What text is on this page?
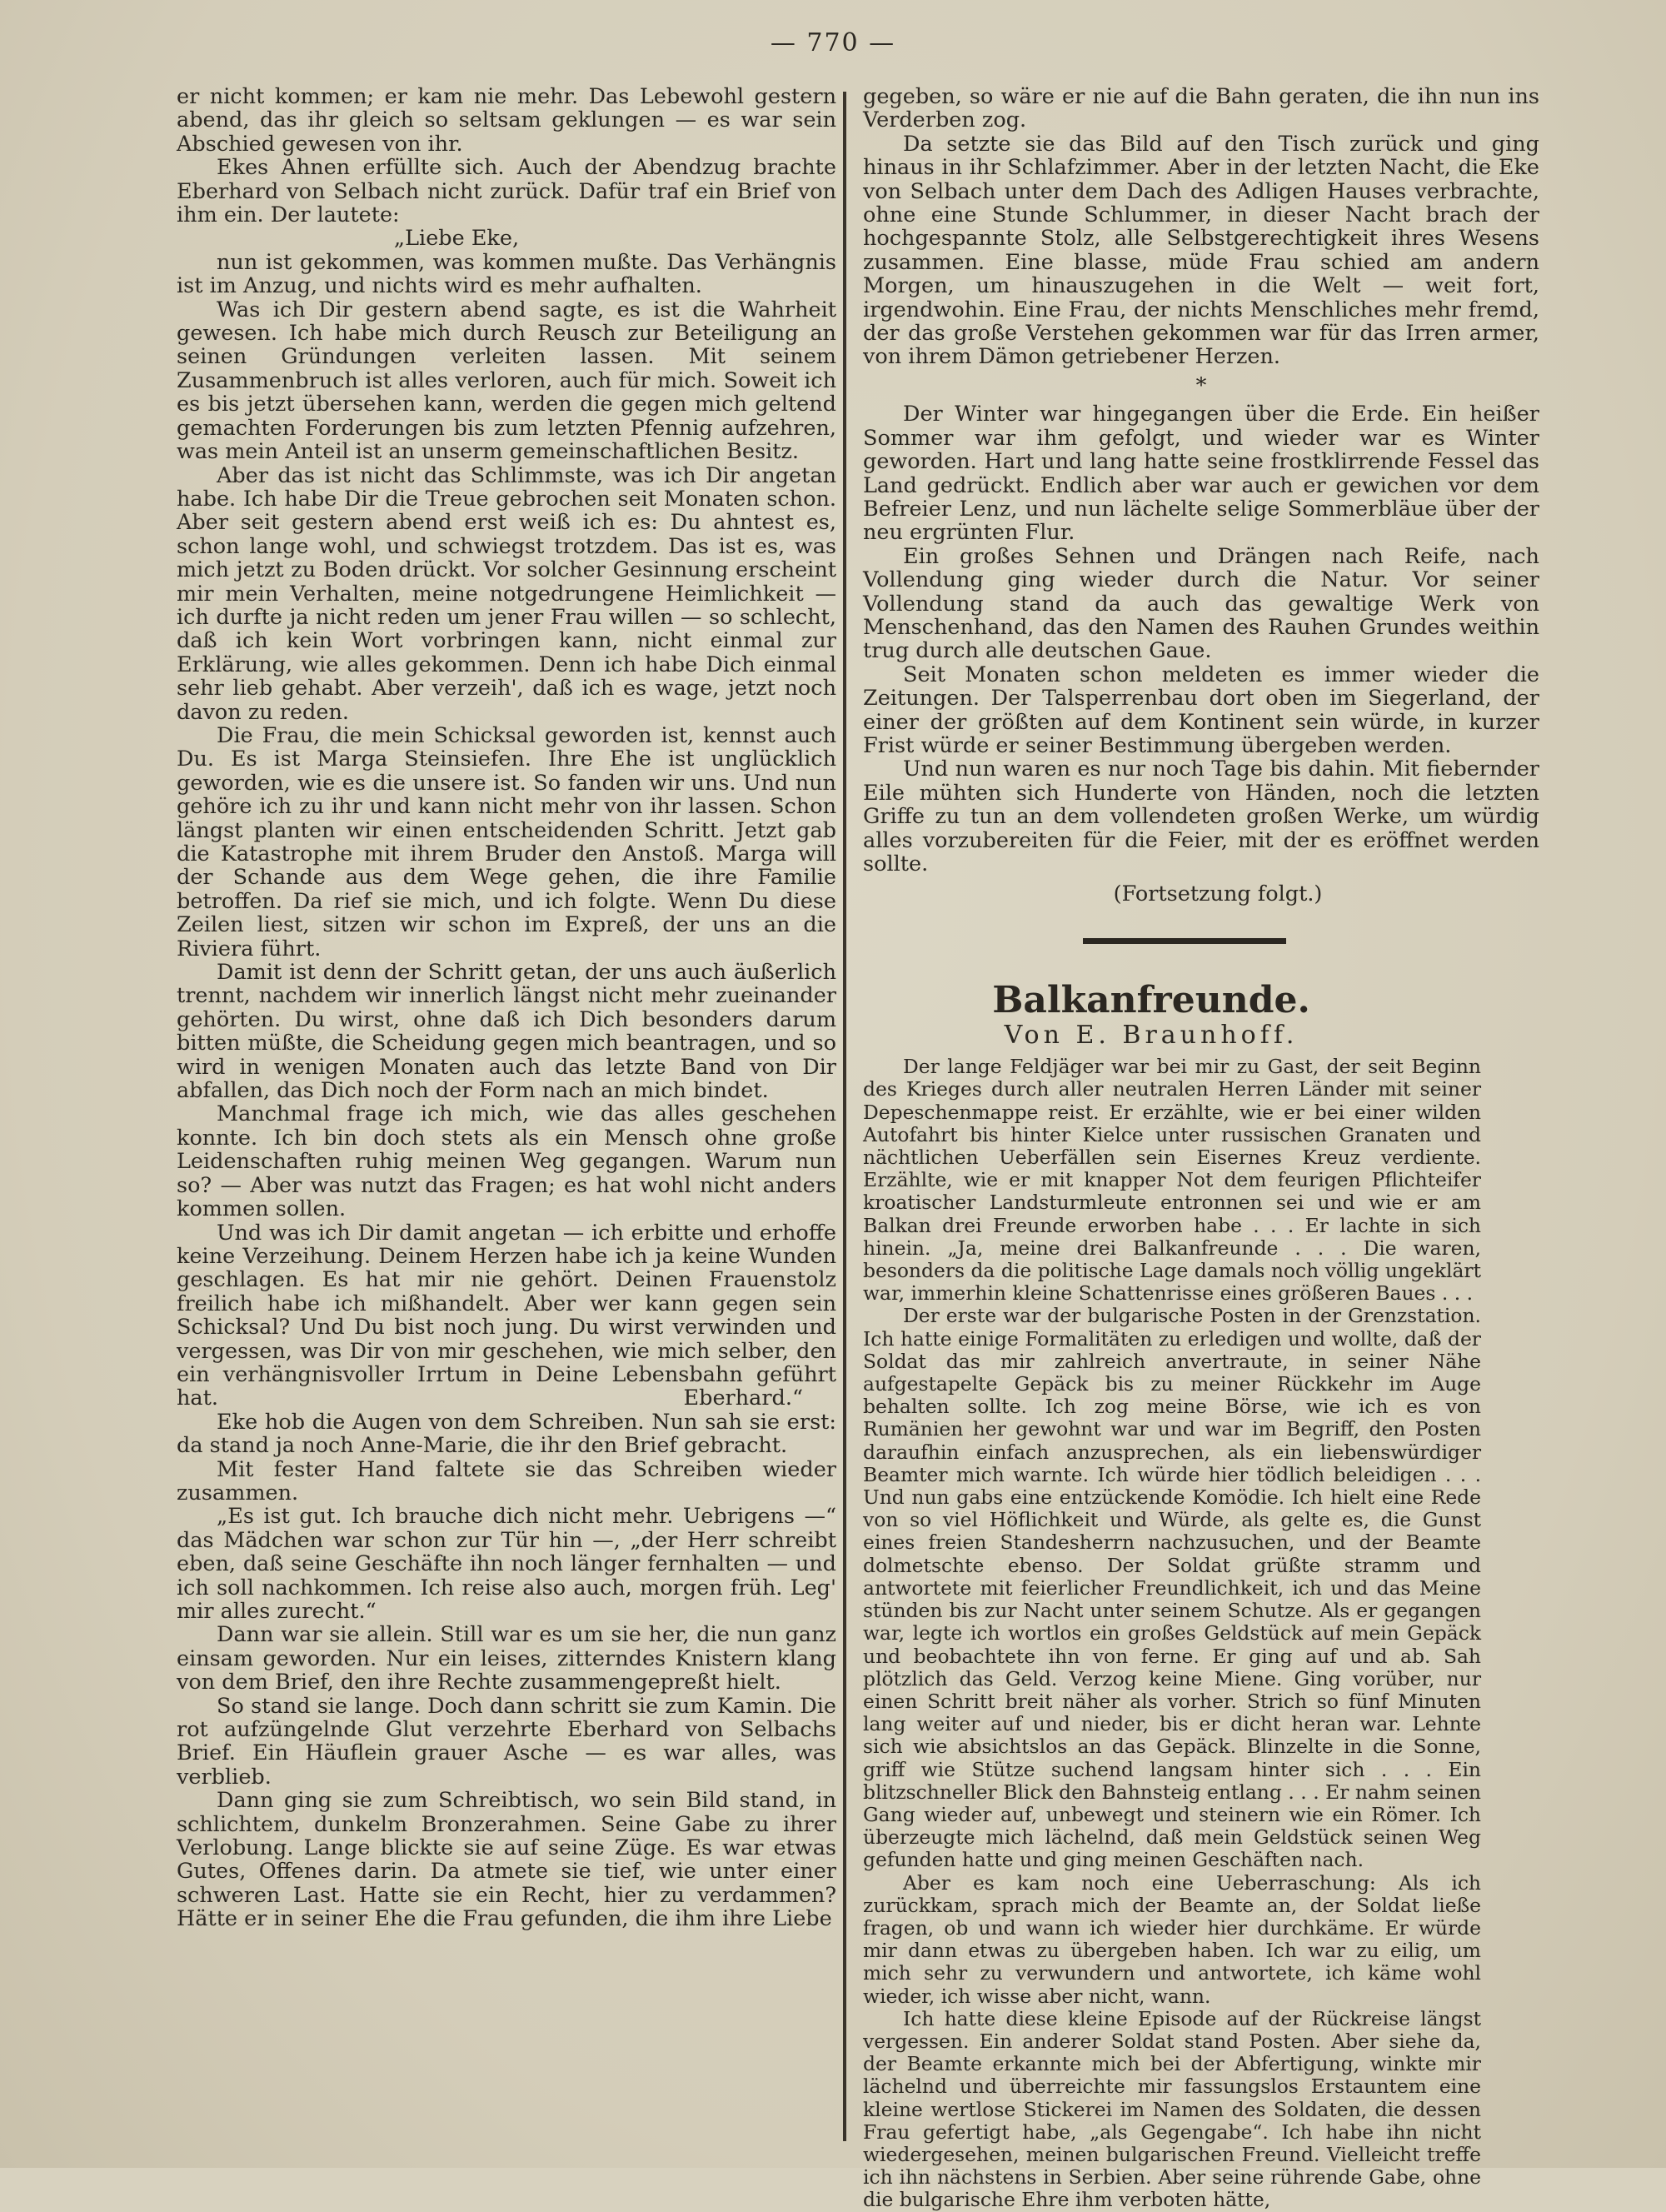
— 770 —

er nicht kommen; er kam nie mehr. Das Lebewohl gestern abend, das ihr gleich so seltsam geklungen — es war sein Abschied gewesen von ihr.

Ekes Ahnen erfüllte sich. Auch der Abendzug brachte Eberhard von Selbach nicht zurück. Dafür traf ein Brief von ihm ein. Der lautete:

„Liebe Eke,

nun ist gekommen, was kommen mußte. Das Verhängnis ist im Anzug, und nichts wird es mehr aufhalten.

Was ich Dir gestern abend sagte, es ist die Wahrheit gewesen. Ich habe mich durch Reusch zur Beteiligung an seinen Gründungen verleiten lassen. Mit seinem Zusammenbruch ist alles verloren, auch für mich. Soweit ich es bis jetzt übersehen kann, werden die gegen mich geltend gemachten Forderungen bis zum letzten Pfennig aufzehren, was mein Anteil ist an unserm gemeinschaftlichen Besitz.

Aber das ist nicht das Schlimmste, was ich Dir angetan habe. Ich habe Dir die Treue gebrochen seit Monaten schon. Aber seit gestern abend erst weiß ich es: Du ahntest es, schon lange wohl, und schwiegst trotzdem. Das ist es, was mich jetzt zu Boden drückt. Vor solcher Gesinnung erscheint mir mein Verhalten, meine notgedrungene Heimlichkeit — ich durfte ja nicht reden um jener Frau willen — so schlecht, daß ich kein Wort vorbringen kann, nicht einmal zur Erklärung, wie alles gekommen. Denn ich habe Dich einmal sehr lieb gehabt. Aber verzeih', daß ich es wage, jetzt noch davon zu reden.

Die Frau, die mein Schicksal geworden ist, kennst auch Du. Es ist Marga Steinsiefen. Ihre Ehe ist unglücklich geworden, wie es die unsere ist. So fanden wir uns. Und nun gehöre ich zu ihr und kann nicht mehr von ihr lassen. Schon längst planten wir einen entscheidenden Schritt. Jetzt gab die Katastrophe mit ihrem Bruder den Anstoß. Marga will der Schande aus dem Wege gehen, die ihre Familie betroffen. Da rief sie mich, und ich folgte. Wenn Du diese Zeilen liest, sitzen wir schon im Expreß, der uns an die Riviera führt.

Damit ist denn der Schritt getan, der uns auch äußerlich trennt, nachdem wir innerlich längst nicht mehr zueinander gehörten. Du wirst, ohne daß ich Dich besonders darum bitten müßte, die Scheidung gegen mich beantragen, und so wird in wenigen Monaten auch das letzte Band von Dir abfallen, das Dich noch der Form nach an mich bindet.

Manchmal frage ich mich, wie das alles geschehen konnte. Ich bin doch stets als ein Mensch ohne große Leidenschaften ruhig meinen Weg gegangen. Warum nun so? — Aber was nutzt das Fragen; es hat wohl nicht anders kommen sollen.

Und was ich Dir damit angetan — ich erbitte und erhoffe keine Verzeihung. Deinem Herzen habe ich ja keine Wunden geschlagen. Es hat mir nie gehört. Deinen Frauenstolz freilich habe ich mißhandelt. Aber wer kann gegen sein Schicksal? Und Du bist noch jung. Du wirst verwinden und vergessen, was Dir von mir geschehen, wie mich selber, den ein verhängnisvoller Irrtum in Deine Lebensbahn geführt hat.	Eberhard.“

Eke hob die Augen von dem Schreiben. Nun sah sie erst: da stand ja noch Anne-Marie, die ihr den Brief gebracht.

Mit fester Hand faltete sie das Schreiben wieder zusammen.

„Es ist gut. Ich brauche dich nicht mehr. Uebrigens —“ das Mädchen war schon zur Tür hin —, „der Herr schreibt eben, daß seine Geschäfte ihn noch länger fernhalten — und ich soll nachkommen. Ich reise also auch, morgen früh. Leg' mir alles zurecht.“

Dann war sie allein. Still war es um sie her, die nun ganz einsam geworden. Nur ein leises, zitterndes Knistern klang von dem Brief, den ihre Rechte zusammengepreßt hielt.

So stand sie lange. Doch dann schritt sie zum Kamin. Die rot aufzüngelnde Glut verzehrte Eberhard von Selbachs Brief. Ein Häuflein grauer Asche — es war alles, was verblieb.

Dann ging sie zum Schreibtisch, wo sein Bild stand, in schlichtem, dunkelm Bronzerahmen. Seine Gabe zu ihrer Verlobung. Lange blickte sie auf seine Züge. Es war etwas Gutes, Offenes darin. Da atmete sie tief, wie unter einer schweren Last. Hatte sie ein Recht, hier zu verdammen? Hätte er in seiner Ehe die Frau gefunden, die ihm ihre Liebe

gegeben, so wäre er nie auf die Bahn geraten, die ihn nun ins Verderben zog.

Da setzte sie das Bild auf den Tisch zurück und ging hinaus in ihr Schlafzimmer. Aber in der letzten Nacht, die Eke von Selbach unter dem Dach des Adligen Hauses verbrachte, ohne eine Stunde Schlummer, in dieser Nacht brach der hochgespannte Stolz, alle Selbstgerechtigkeit ihres Wesens zusammen. Eine blasse, müde Frau schied am andern Morgen, um hinauszugehen in die Welt — weit fort, irgendwohin. Eine Frau, der nichts Menschliches mehr fremd, der das große Verstehen gekommen war für das Irren armer, von ihrem Dämon getriebener Herzen.

*

Der Winter war hingegangen über die Erde. Ein heißer Sommer war ihm gefolgt, und wieder war es Winter geworden. Hart und lang hatte seine frostklirrende Fessel das Land gedrückt. Endlich aber war auch er gewichen vor dem Befreier Lenz, und nun lächelte selige Sommerbläue über der neu ergrünten Flur.

Ein großes Sehnen und Drängen nach Reife, nach Vollendung ging wieder durch die Natur. Vor seiner Vollendung stand da auch das gewaltige Werk von Menschenhand, das den Namen des Rauhen Grundes weithin trug durch alle deutschen Gaue.

Seit Monaten schon meldeten es immer wieder die Zeitungen. Der Talsperrenbau dort oben im Siegerland, der einer der größten auf dem Kontinent sein würde, in kurzer Frist würde er seiner Bestimmung übergeben werden.

Und nun waren es nur noch Tage bis dahin. Mit fiebernder Eile mühten sich Hunderte von Händen, noch die letzten Griffe zu tun an dem vollendeten großen Werke, um würdig alles vorzubereiten für die Feier, mit der es eröffnet werden sollte.

(Fortsetzung folgt.)

Balkanfreunde.
Von E. Braunhoff.

Der lange Feldjäger war bei mir zu Gast, der seit Beginn des Krieges durch aller neutralen Herren Länder mit seiner Depeschenmappe reist. Er erzählte, wie er bei einer wilden Autofahrt bis hinter Kielce unter russischen Granaten und nächtlichen Ueberfällen sein Eisernes Kreuz verdiente. Erzählte, wie er mit knapper Not dem feurigen Pflichteifer kroatischer Landsturmleute entronnen sei und wie er am Balkan drei Freunde erworben habe . . . Er lachte in sich hinein. „Ja, meine drei Balkanfreunde . . . Die waren, besonders da die politische Lage damals noch völlig ungeklärt war, immerhin kleine Schattenrisse eines größeren Baues . . .

Der erste war der bulgarische Posten in der Grenzstation. Ich hatte einige Formalitäten zu erledigen und wollte, daß der Soldat das mir zahlreich anvertraute, in seiner Nähe aufgestapelte Gepäck bis zu meiner Rückkehr im Auge behalten sollte. Ich zog meine Börse, wie ich es von Rumänien her gewohnt war und war im Begriff, den Posten daraufhin einfach anzusprechen, als ein liebenswürdiger Beamter mich warnte. Ich würde hier tödlich beleidigen . . . Und nun gabs eine entzückende Komödie. Ich hielt eine Rede von so viel Höflichkeit und Würde, als gelte es, die Gunst eines freien Standesherrn nachzusuchen, und der Beamte dolmetschte ebenso. Der Soldat grüßte stramm und antwortete mit feierlicher Freundlichkeit, ich und das Meine stünden bis zur Nacht unter seinem Schutze. Als er gegangen war, legte ich wortlos ein großes Geldstück auf mein Gepäck und beobachtete ihn von ferne. Er ging auf und ab. Sah plötzlich das Geld. Verzog keine Miene. Ging vorüber, nur einen Schritt breit näher als vorher. Strich so fünf Minuten lang weiter auf und nieder, bis er dicht heran war. Lehnte sich wie absichtslos an das Gepäck. Blinzelte in die Sonne, griff wie Stütze suchend langsam hinter sich . . . Ein blitzschneller Blick den Bahnsteig entlang . . . Er nahm seinen Gang wieder auf, unbewegt und steinern wie ein Römer. Ich überzeugte mich lächelnd, daß mein Geldstück seinen Weg gefunden hatte und ging meinen Geschäften nach.

Aber es kam noch eine Ueberraschung: Als ich zurückkam, sprach mich der Beamte an, der Soldat ließe fragen, ob und wann ich wieder hier durchkäme. Er würde mir dann etwas zu übergeben haben. Ich war zu eilig, um mich sehr zu verwundern und antwortete, ich käme wohl wieder, ich wisse aber nicht, wann.

Ich hatte diese kleine Episode auf der Rückreise längst vergessen. Ein anderer Soldat stand Posten. Aber siehe da, der Beamte erkannte mich bei der Abfertigung, winkte mir lächelnd und überreichte mir fassungslos Erstauntem eine kleine wertlose Stickerei im Namen des Soldaten, die dessen Frau gefertigt habe, „als Gegengabe“. Ich habe ihn nicht wiedergesehen, meinen bulgarischen Freund. Vielleicht treffe ich ihn nächstens in Serbien. Aber seine rührende Gabe, ohne die bulgarische Ehre ihm verboten hätte,
